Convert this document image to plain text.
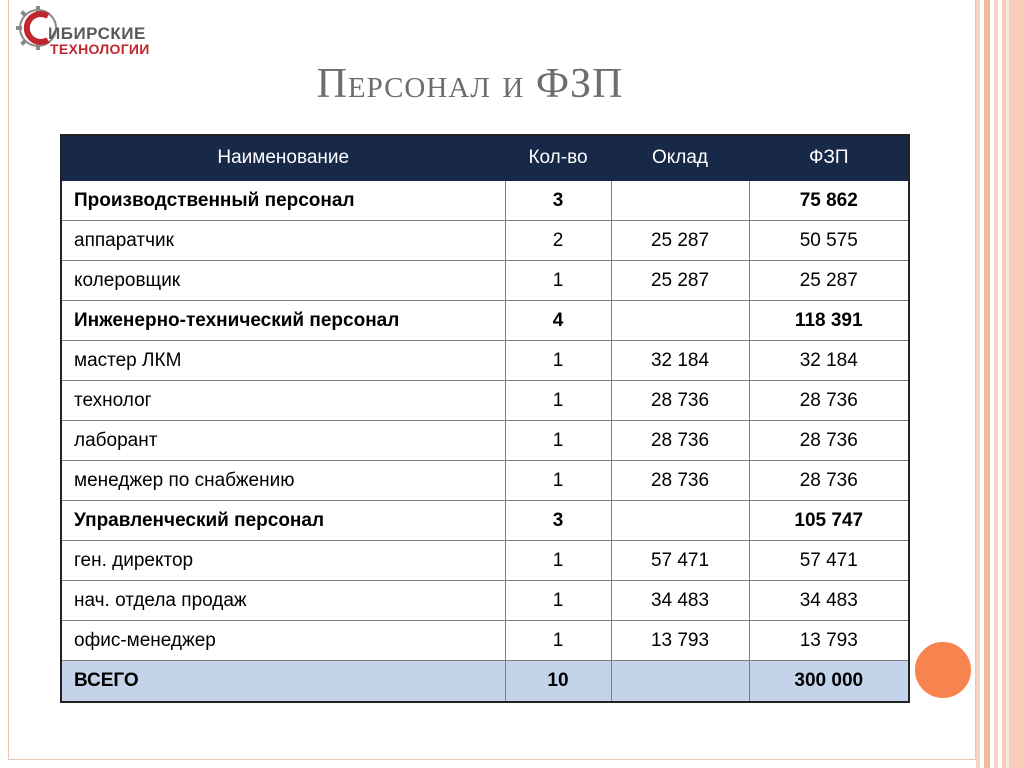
ИБИРСКИЕ
ТЕХНОЛОГИИ
Персонал и ФЗП
Наименование	Кол-во	Оклад	ФЗП
Производственный персонал	3		75 862
аппаратчик	2	25 287	50 575
колеровщик	1	25 287	25 287
Инженерно-технический персонал	4		118 391
мастер ЛКМ	1	32 184	32 184
технолог	1	28 736	28 736
лаборант	1	28 736	28 736
менеджер по снабжению	1	28 736	28 736
Управленческий персонал	3		105 747
ген. директор	1	57 471	57 471
нач. отдела продаж	1	34 483	34 483
офис-менеджер	1	13 793	13 793
ВСЕГО	10		300 000
